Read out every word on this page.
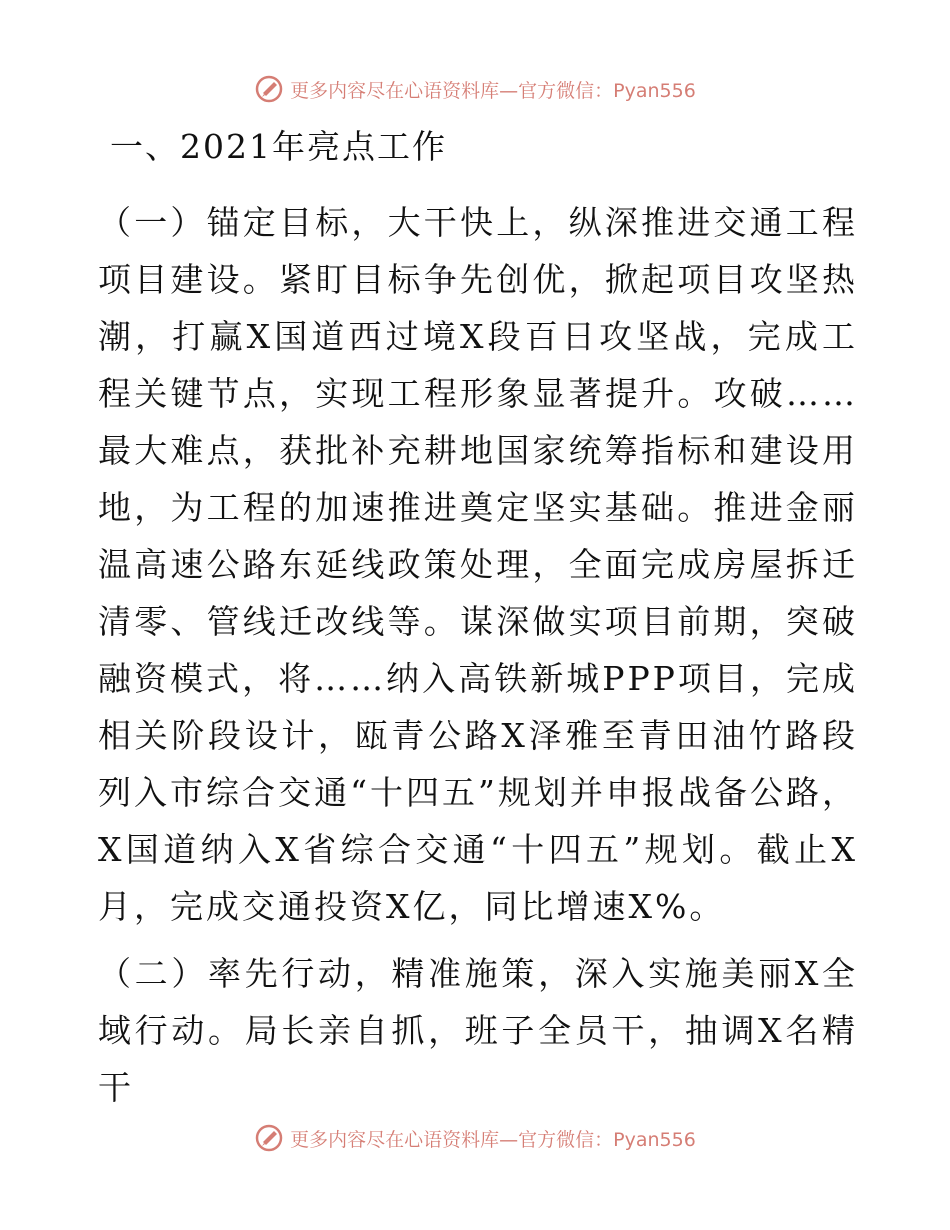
更多内容尽在心语资料库—官方微信：Pyan556

一、2021年亮点工作

（一）锚定目标，大干快上，纵深推进交通工程项目建设。紧盯目标争先创优，掀起项目攻坚热潮，打赢X国道西过境X段百日攻坚战，完成工程关键节点，实现工程形象显著提升。攻破……最大难点，获批补充耕地国家统筹指标和建设用地，为工程的加速推进奠定坚实基础。推进金丽温高速公路东延线政策处理，全面完成房屋拆迁清零、管线迁改线等。谋深做实项目前期，突破融资模式，将……纳入高铁新城PPP项目，完成相关阶段设计，瓯青公路X泽雅至青田油竹路段列入市综合交通“十四五”规划并申报战备公路，X国道纳入X省综合交通“十四五”规划。截止X月，完成交通投资X亿，同比增速X%。

（二）率先行动，精准施策，深入实施美丽X全域行动。局长亲自抓，班子全员干，抽调X名精干

更多内容尽在心语资料库—官方微信：Pyan556
